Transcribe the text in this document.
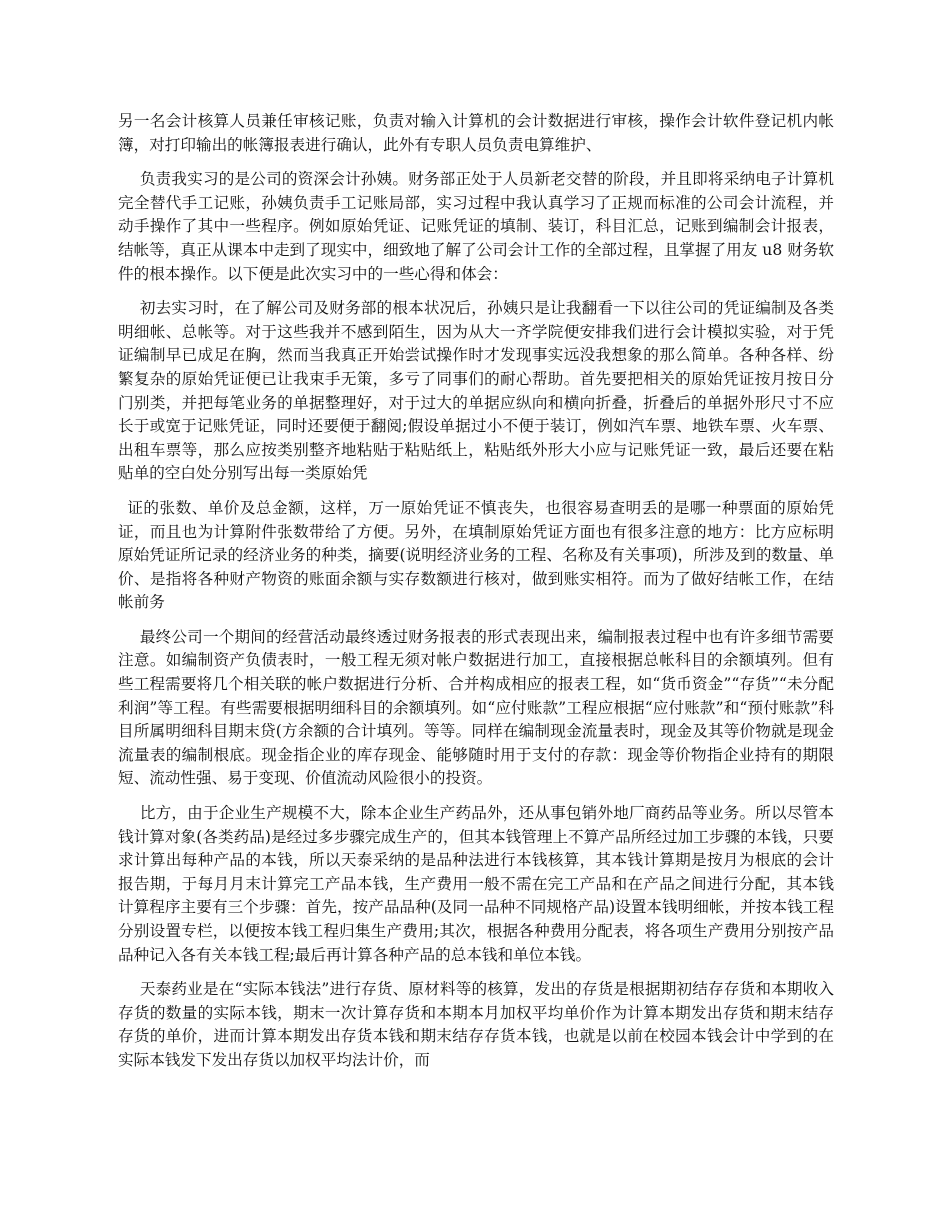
另一名会计核算人员兼任审核记账，负责对输入计算机的会计数据进行审核，操作会计软件登记机内帐簿，对打印输出的帐簿报表进行确认，此外有专职人员负责电算维护、

负责我实习的是公司的资深会计孙姨。财务部正处于人员新老交替的阶段，并且即将采纳电子计算机完全替代手工记账，孙姨负责手工记账局部，实习过程中我认真学习了正规而标准的公司会计流程，并动手操作了其中一些程序。例如原始凭证、记账凭证的填制、装订，科目汇总，记账到编制会计报表，结帐等，真正从课本中走到了现实中，细致地了解了公司会计工作的全部过程，且掌握了用友 u8 财务软件的根本操作。以下便是此次实习中的一些心得和体会：

初去实习时，在了解公司及财务部的根本状况后，孙姨只是让我翻看一下以往公司的凭证编制及各类明细帐、总帐等。对于这些我并不感到陌生，因为从大一齐学院便安排我们进行会计模拟实验，对于凭证编制早已成足在胸，然而当我真正开始尝试操作时才发现事实远没我想象的那么简单。各种各样、纷繁复杂的原始凭证便已让我束手无策，多亏了同事们的耐心帮助。首先要把相关的原始凭证按月按日分门别类，并把每笔业务的单据整理好，对于过大的单据应纵向和横向折叠，折叠后的单据外形尺寸不应长于或宽于记账凭证，同时还要便于翻阅;假设单据过小不便于装订，例如汽车票、地铁车票、火车票、出租车票等，那么应按类别整齐地粘贴于粘贴纸上，粘贴纸外形大小应与记账凭证一致，最后还要在粘贴单的空白处分别写出每一类原始凭

证的张数、单价及总金额，这样，万一原始凭证不慎丧失，也很容易查明丢的是哪一种票面的原始凭证，而且也为计算附件张数带给了方便。另外，在填制原始凭证方面也有很多注意的地方：比方应标明原始凭证所记录的经济业务的种类，摘要(说明经济业务的工程、名称及有关事项)，所涉及到的数量、单价、是指将各种财产物资的账面余额与实存数额进行核对，做到账实相符。而为了做好结帐工作，在结帐前务

最终公司一个期间的经营活动最终透过财务报表的形式表现出来，编制报表过程中也有许多细节需要注意。如编制资产负债表时，一般工程无须对帐户数据进行加工，直接根据总帐科目的余额填列。但有些工程需要将几个相关联的帐户数据进行分析、合并构成相应的报表工程，如“货币资金”“存货”“未分配利润”等工程。有些需要根据明细科目的余额填列。如“应付账款”工程应根据“应付账款”和“预付账款”科目所属明细科目期末贷(方余额的合计填列。等等。同样在编制现金流量表时，现金及其等价物就是现金流量表的编制根底。现金指企业的库存现金、能够随时用于支付的存款：现金等价物指企业持有的期限短、流动性强、易于变现、价值流动风险很小的投资。

比方，由于企业生产规模不大，除本企业生产药品外，还从事包销外地厂商药品等业务。所以尽管本钱计算对象(各类药品)是经过多步骤完成生产的，但其本钱管理上不算产品所经过加工步骤的本钱，只要求计算出每种产品的本钱，所以天泰采纳的是品种法进行本钱核算，其本钱计算期是按月为根底的会计报告期，于每月月末计算完工产品本钱，生产费用一般不需在完工产品和在产品之间进行分配，其本钱计算程序主要有三个步骤：首先，按产品品种(及同一品种不同规格产品)设置本钱明细帐，并按本钱工程分别设置专栏，以便按本钱工程归集生产费用;其次，根据各种费用分配表，将各项生产费用分别按产品品种记入各有关本钱工程;最后再计算各种产品的总本钱和单位本钱。

天泰药业是在“实际本钱法”进行存货、原材料等的核算，发出的存货是根据期初结存存货和本期收入存货的数量的实际本钱，期末一次计算存货和本期本月加权平均单价作为计算本期发出存货和期末结存存货的单价，进而计算本期发出存货本钱和期末结存存货本钱，也就是以前在校园本钱会计中学到的在实际本钱发下发出存货以加权平均法计价，而
